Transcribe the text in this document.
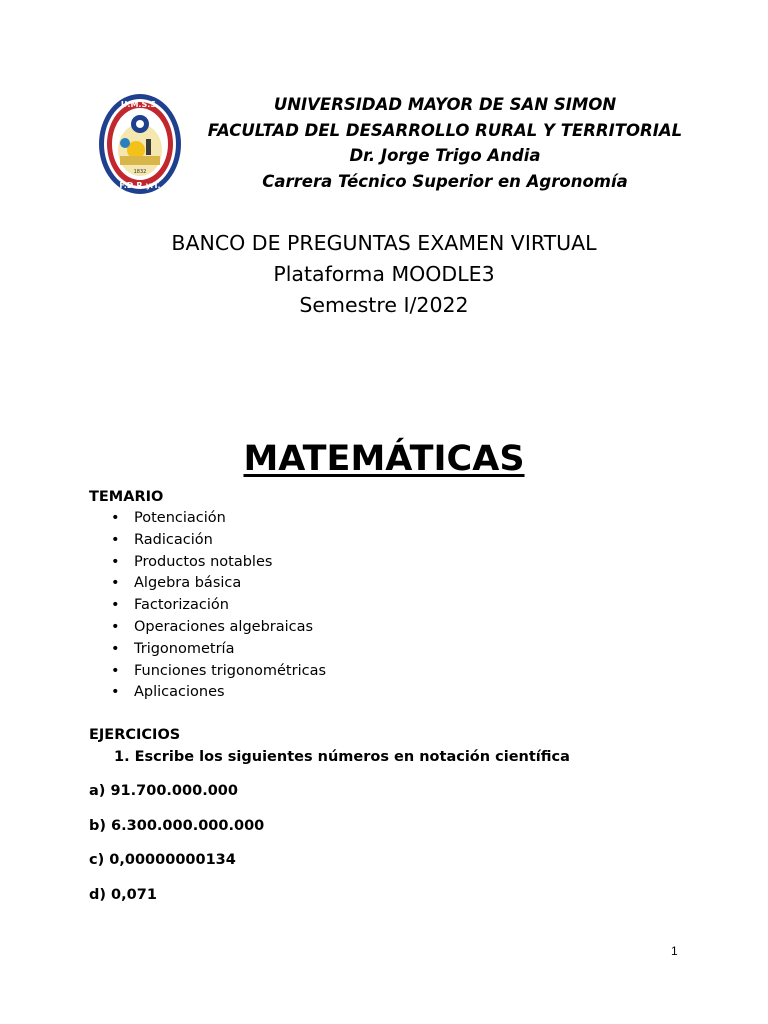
U.M.S.S.
F.D.R.y.T.
1832
UNIVERSIDAD MAYOR DE SAN SIMON
FACULTAD DEL DESARROLLO RURAL Y TERRITORIAL
Dr. Jorge Trigo Andia
Carrera Técnico Superior en Agronomía
BANCO DE PREGUNTAS EXAMEN VIRTUAL
Plataforma MOODLE3
Semestre I/2022
MATEMÁTICAS
TEMARIO
• Potenciación
• Radicación
• Productos notables
• Algebra básica
• Factorización
• Operaciones algebraicas
• Trigonometría
• Funciones trigonométricas
• Aplicaciones
EJERCICIOS
1. Escribe los siguientes números en notación científica
a) 91.700.000.000
b) 6.300.000.000.000
c) 0,00000000134
d) 0,071
1
